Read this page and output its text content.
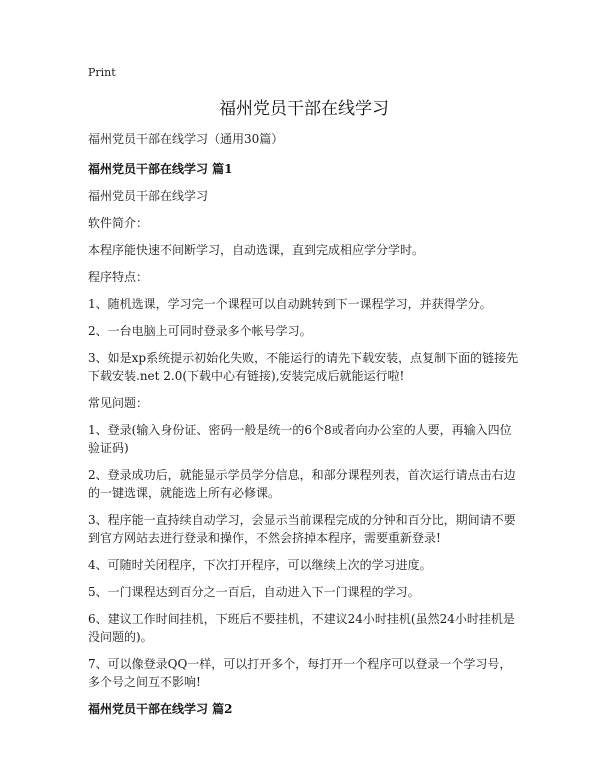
Print
福州党员干部在线学习

福州党员干部在线学习（通用30篇）

福州党员干部在线学习 篇1

福州党员干部在线学习

软件简介：

本程序能快速不间断学习，自动选课，直到完成相应学分学时。

程序特点：

1、随机选课，学习完一个课程可以自动跳转到下一课程学习，并获得学分。

2、一台电脑上可同时登录多个帐号学习。

3、如是xp系统提示初始化失败，不能运行的请先下载安装，点复制下面的链接先下载安装.net 2.0(下载中心有链接),安装完成后就能运行啦!

常见问题：

1、登录(输入身份证、密码一般是统一的6个8或者向办公室的人要，再输入四位验证码)

2、登录成功后，就能显示学员学分信息，和部分课程列表，首次运行请点击右边的一键选课，就能选上所有必修课。

3、程序能一直持续自动学习，会显示当前课程完成的分钟和百分比，期间请不要到官方网站去进行登录和操作，不然会挤掉本程序，需要重新登录!

4、可随时关闭程序，下次打开程序，可以继续上次的学习进度。

5、一门课程达到百分之一百后，自动进入下一门课程的学习。

6、建议工作时间挂机，下班后不要挂机，不建议24小时挂机(虽然24小时挂机是没问题的)。

7、可以像登录QQ一样，可以打开多个，每打开一个程序可以登录一个学习号，多个号之间互不影响!

福州党员干部在线学习 篇2
